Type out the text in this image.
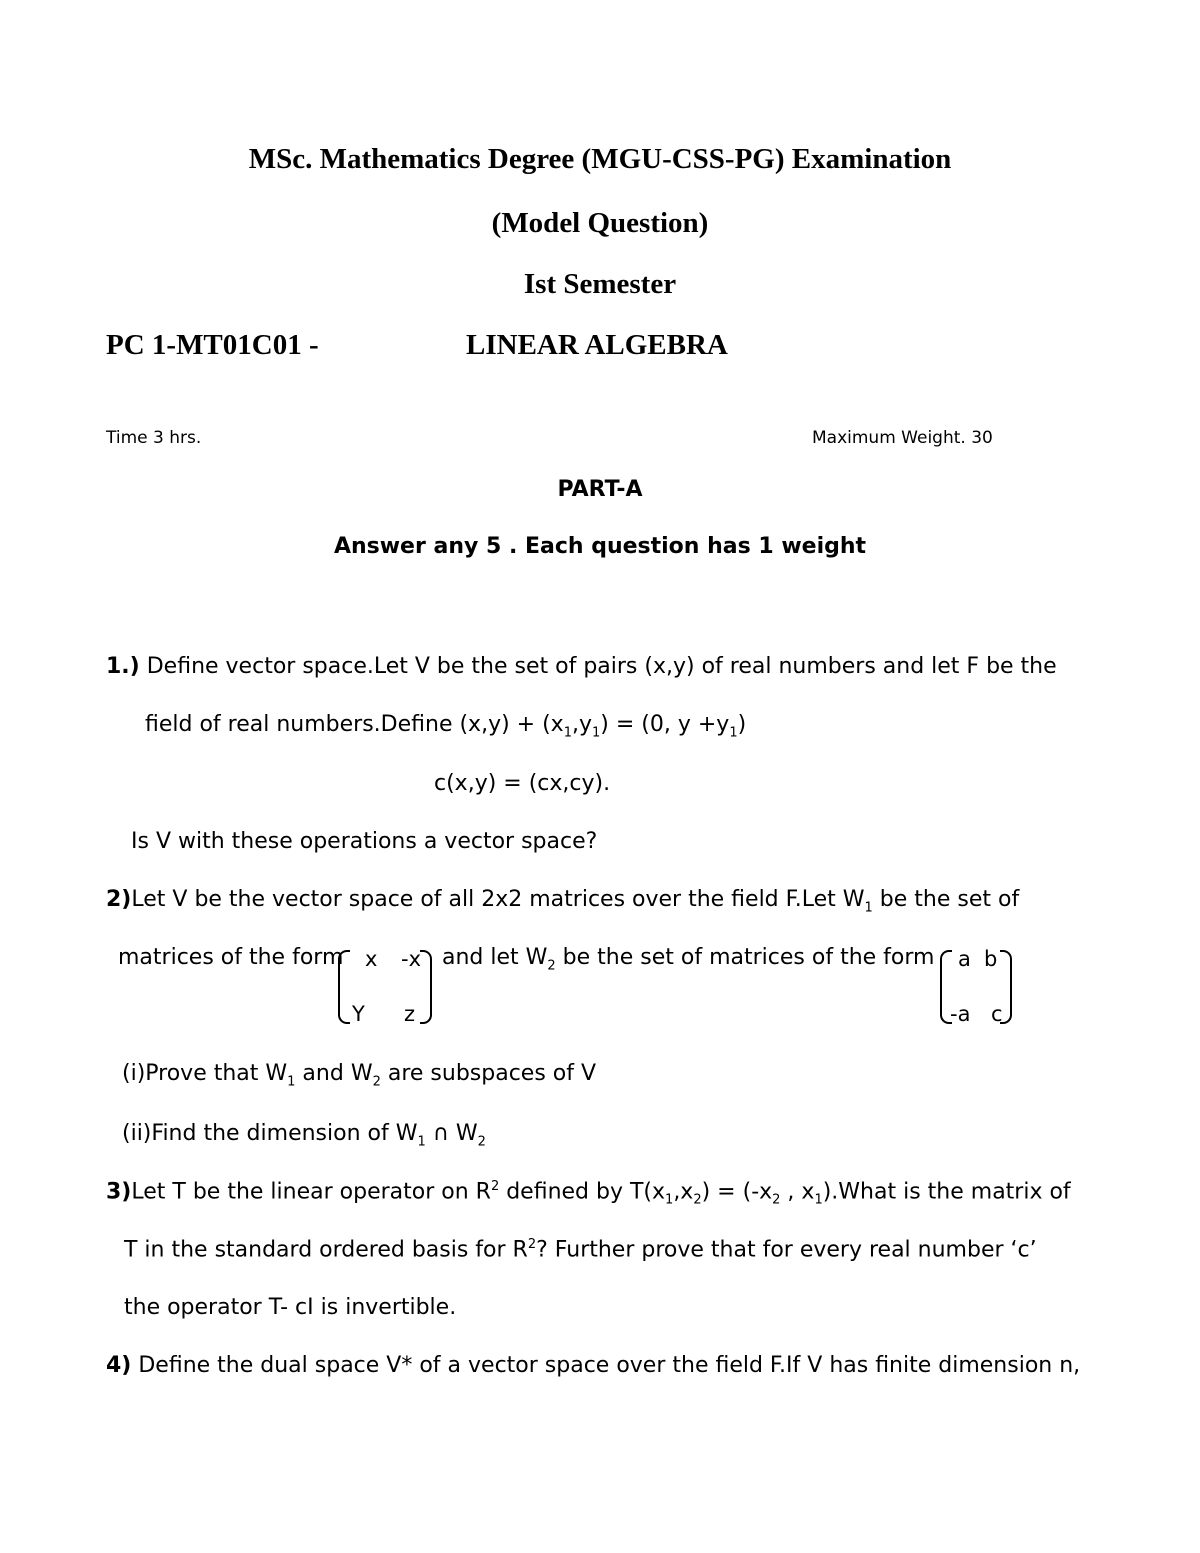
MSc. Mathematics Degree (MGU-CSS-PG) Examination
(Model Question)
Ist Semester
PC 1-MT01C01 -	LINEAR ALGEBRA
Time 3 hrs.	Maximum Weight. 30
PART-A
Answer any 5 . Each question has 1 weight
1.) Define vector space.Let V be the set of pairs (x,y) of real numbers and let F be the
field of real numbers.Define $(x,y) + (x_1,y_1) = (0$, $y +y_1$)
c(x,y) = (cx,cy).
Is V with these operations a vector space?
2)Let V be the vector space of all 2x2 matrices over the field F.Let $W_1$ be the set of
matrices of the form x -x
Y z
and let $W_2$ be the set of matrices of the form a b
-a c
(i)Prove that $W_1$ and $W_2$ are subspaces of V
(ii)Find the dimension of $W_1$ ∩ $W_2$
3)Let T be the linear operator on $R^2$ defined by $T(x_1,x_2) = (-x_2$ , $x_1).What$ is the matrix of
T in the standard ordered basis for $R^2$? Further prove that for every real number ‘c’
the operator T- cI is invertible.
4) Define the dual space V* of a vector space over the field F.If V has finite dimension n,
